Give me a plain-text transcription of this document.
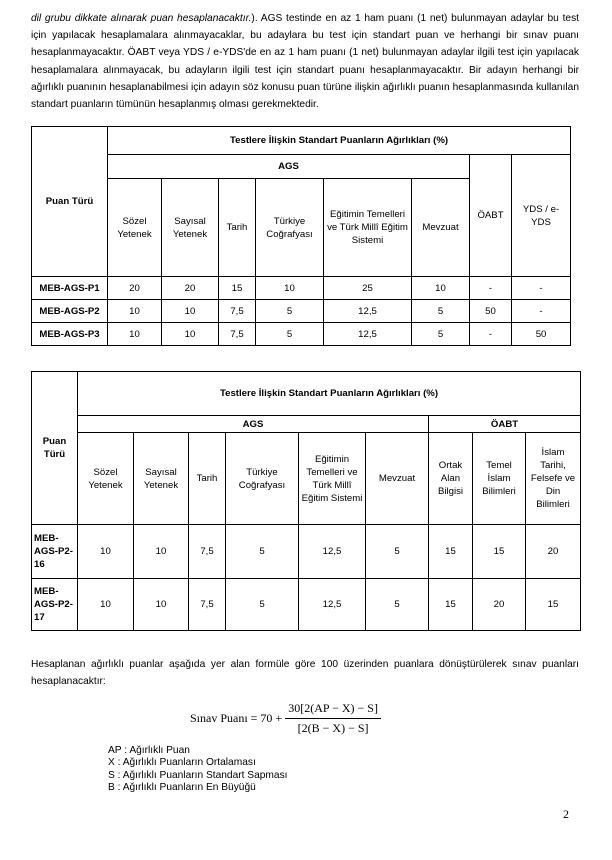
dil grubu dikkate alınarak puan hesaplanacaktır.). AGS testinde en az 1 ham puanı (1 net) bulunmayan adaylar bu test için yapılacak hesaplamalara alınmayacaklar, bu adaylara bu test için standart puan ve herhangi bir sınav puanı hesaplanmayacaktır. ÖABT veya YDS / e-YDS'de en az 1 ham puanı (1 net) bulunmayan adaylar ilgili test için yapılacak hesaplamalara alınmayacak, bu adayların ilgili test için standart puanı hesaplanmayacaktır. Bir adayın herhangi bir ağırlıklı puanının hesaplanabilmesi için adayın söz konusu puan türüne ilişkin ağırlıklı puanın hesaplanmasında kullanılan standart puanların tümünün hesaplanmış olması gerekmektedir.
Puan Türü	Testlere İlişkin Standart Puanların Ağırlıkları (%)							
	AGS						ÖABT	YDS / e-YDS
	Sözel Yetenek	Sayısal Yetenek	Tarih	Türkiye Coğrafyası	Eğitimin Temelleri ve Türk Millî Eğitim Sistemi	Mevzuat		
MEB-AGS-P1	20	20	15	10	25	10	-	-
MEB-AGS-P2	10	10	7,5	5	12,5	5	50	-
MEB-AGS-P3	10	10	7,5	5	12,5	5	-	50
Puan Türü	Testlere İlişkin Standart Puanların Ağırlıkları (%)								
	AGS						ÖABT		
	Sözel Yetenek	Sayısal Yetenek	Tarih	Türkiye Coğrafyası	Eğitimin Temelleri ve Türk Millî Eğitim Sistemi	Mevzuat	Ortak Alan Bilgisi	Temel İslam Bilimleri	İslam Tarihi, Felsefe ve Din Bilimleri
MEB-AGS-P2-16	10	10	7,5	5	12,5	5	15	15	20
MEB-AGS-P2-17	10	10	7,5	5	12,5	5	15	20	15
Hesaplanan ağırlıklı puanlar aşağıda yer alan formüle göre 100 üzerinden puanlara dönüştürülerek sınav puanları hesaplanacaktır:
Sınav Puanı = $70 + \frac{30[2(AP - X) - S]}{[2(B - X) - S]}$
AP : Ağırlıklı Puan
X : Ağırlıklı Puanların Ortalaması
S : Ağırlıklı Puanların Standart Sapması
B : Ağırlıklı Puanların En Büyüğü
2
